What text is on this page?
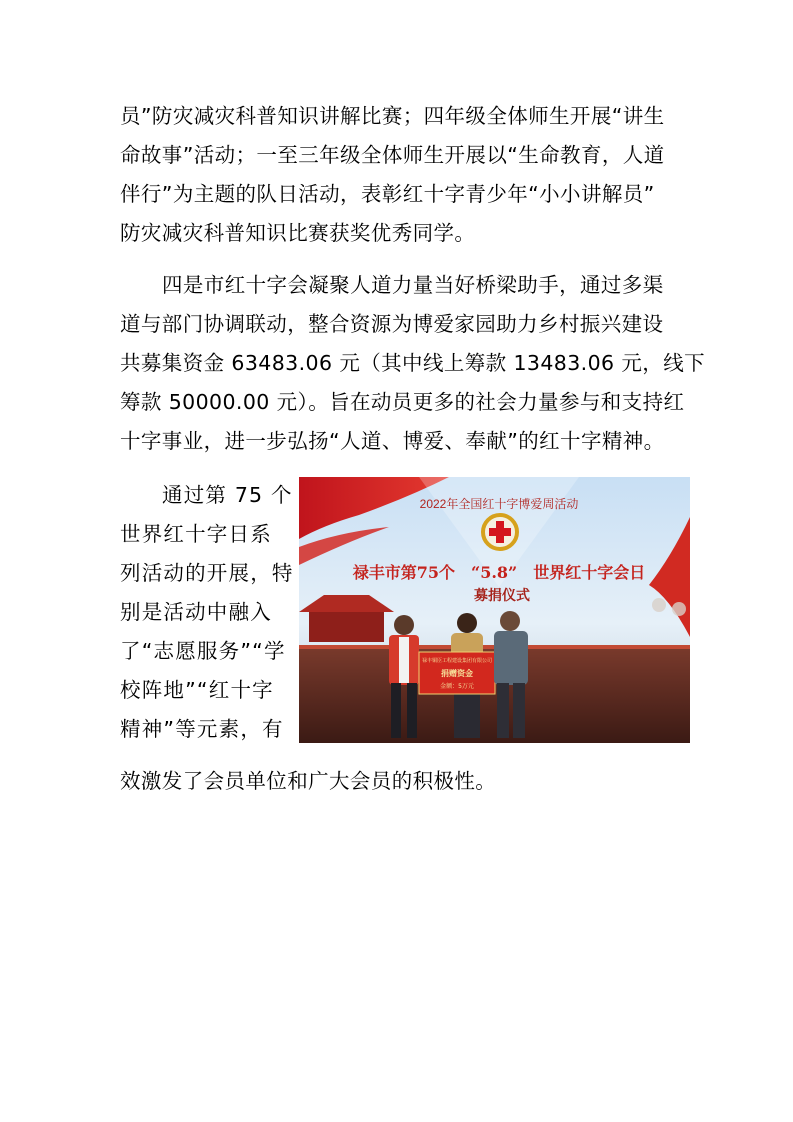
员”防灾减灾科普知识讲解比赛；四年级全体师生开展“讲生
命故事”活动；一至三年级全体师生开展以“生命教育，人道
伴行”为主题的队日活动，表彰红十字青少年“小小讲解员”
防灾减灾科普知识比赛获奖优秀同学。
四是市红十字会凝聚人道力量当好桥梁助手，通过多渠
道与部门协调联动，整合资源为博爱家园助力乡村振兴建设
共募集资金 63483.06 元（其中线上筹款 13483.06 元，线下
筹款 50000.00 元）。旨在动员更多的社会力量参与和支持红
十字事业，进一步弘扬“人道、博爱、奉献”的红十字精神。
通过第 75 个
世界红十字日系
列活动的开展，特
别是活动中融入
了“志愿服务”“学
校阵地”“红十字
精神”等元素，有
效激发了会员单位和广大会员的积极性。
2022年全国红十字博爱周活动
禄丰市第75个　“5.8”　世界红十字会日
募捐仪式
禄丰铜臣工程建设集团有限公司
捐赠资金
金额：5万元
